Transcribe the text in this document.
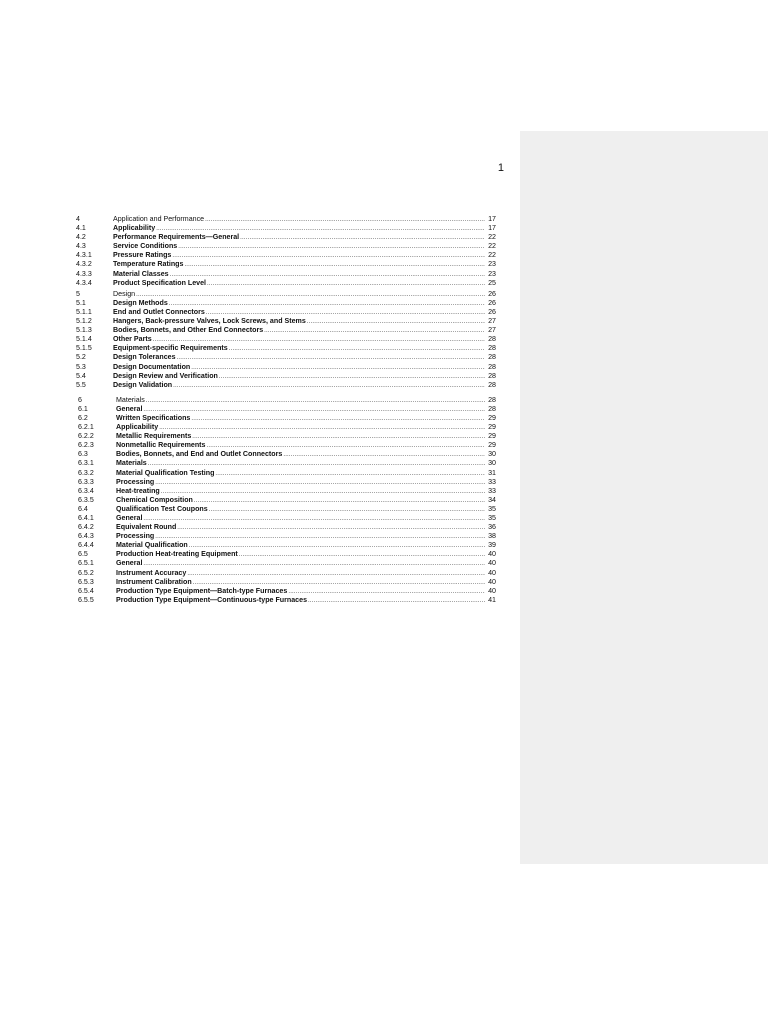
1
4	Application and Performance .....	17
4.1	Applicability .....	17
4.2	Performance Requirements—General .....	22
4.3	Service Conditions .....	22
4.3.1	Pressure Ratings .....	22
4.3.2	Temperature Ratings .....	23
4.3.3	Material Classes .....	23
4.3.4	Product Specification Level .....	25
5	Design .....	26
5.1	Design Methods .....	26
5.1.1	End and Outlet Connectors .....	26
5.1.2	Hangers, Back-pressure Valves, Lock Screws, and Stems .....	27
5.1.3	Bodies, Bonnets, and Other End Connectors .....	27
5.1.4	Other Parts .....	28
5.1.5	Equipment-specific Requirements .....	28
5.2	Design Tolerances .....	28
5.3	Design Documentation .....	28
5.4	Design Review and Verification .....	28
5.5	Design Validation .....	28
6	Materials .....	28
6.1	General .....	28
6.2	Written Specifications .....	29
6.2.1	Applicability .....	29
6.2.2	Metallic Requirements .....	29
6.2.3	Nonmetallic Requirements .....	29
6.3	Bodies, Bonnets, and End and Outlet Connectors .....	30
6.3.1	Materials .....	30
6.3.2	Material Qualification Testing .....	31
6.3.3	Processing .....	33
6.3.4	Heat-treating .....	33
6.3.5	Chemical Composition .....	34
6.4	Qualification Test Coupons .....	35
6.4.1	General .....	35
6.4.2	Equivalent Round .....	36
6.4.3	Processing .....	38
6.4.4	Material Qualification .....	39
6.5	Production Heat-treating Equipment .....	40
6.5.1	General .....	40
6.5.2	Instrument Accuracy .....	40
6.5.3	Instrument Calibration .....	40
6.5.4	Production Type Equipment—Batch-type Furnaces .....	40
6.5.5	Production Type Equipment—Continuous-type Furnaces .....	41
